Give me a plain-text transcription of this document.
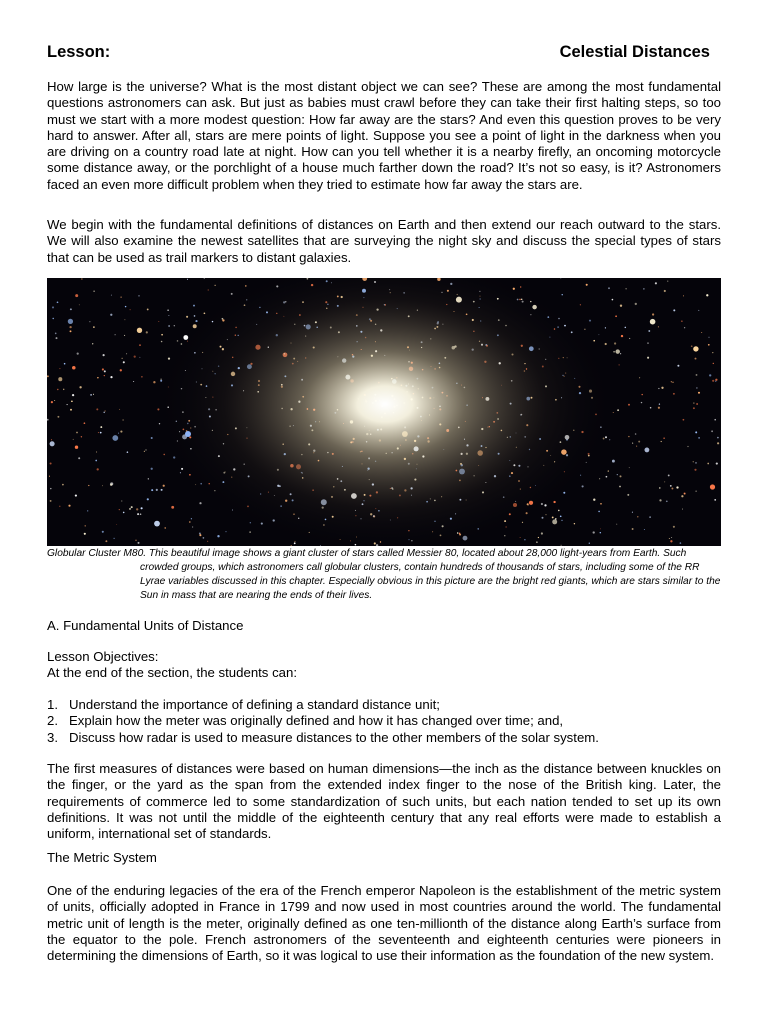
Lesson:	Celestial Distances

How large is the universe? What is the most distant object we can see? These are among the most fundamental questions astronomers can ask. But just as babies must crawl before they can take their first halting steps, so too must we start with a more modest question: How far away are the stars? And even this question proves to be very hard to answer. After all, stars are mere points of light. Suppose you see a point of light in the darkness when you are driving on a country road late at night. How can you tell whether it is a nearby firefly, an oncoming motorcycle some distance away, or the porchlight of a house much farther down the road? It’s not so easy, is it? Astronomers faced an even more difficult problem when they tried to estimate how far away the stars are.

We begin with the fundamental definitions of distances on Earth and then extend our reach outward to the stars. We will also examine the newest satellites that are surveying the night sky and discuss the special types of stars that can be used as trail markers to distant galaxies.

Globular Cluster M80. This beautiful image shows a giant cluster of stars called Messier 80, located about 28,000 light-years from Earth. Such
crowded groups, which astronomers call globular clusters, contain hundreds of thousands of stars, including some of the RR Lyrae variables discussed in this chapter. Especially obvious in this picture are the bright red giants, which are stars similar to the Sun in mass that are nearing the ends of their lives.
A. Fundamental Units of Distance
Lesson Objectives:
At the end of the section, the students can:
1. Understand the importance of defining a standard distance unit;
2. Explain how the meter was originally defined and how it has changed over time; and,
3. Discuss how radar is used to measure distances to the other members of the solar system.

The first measures of distances were based on human dimensions—the inch as the distance between knuckles on the finger, or the yard as the span from the extended index finger to the nose of the British king. Later, the requirements of commerce led to some standardization of such units, but each nation tended to set up its own definitions. It was not until the middle of the eighteenth century that any real efforts were made to establish a uniform, international set of standards.

The Metric System

One of the enduring legacies of the era of the French emperor Napoleon is the establishment of the metric system of units, officially adopted in France in 1799 and now used in most countries around the world. The fundamental metric unit of length is the meter, originally defined as one ten-millionth of the distance along Earth’s surface from the equator to the pole. French astronomers of the seventeenth and eighteenth centuries were pioneers in determining the dimensions of Earth, so it was logical to use their information as the foundation of the new system.
